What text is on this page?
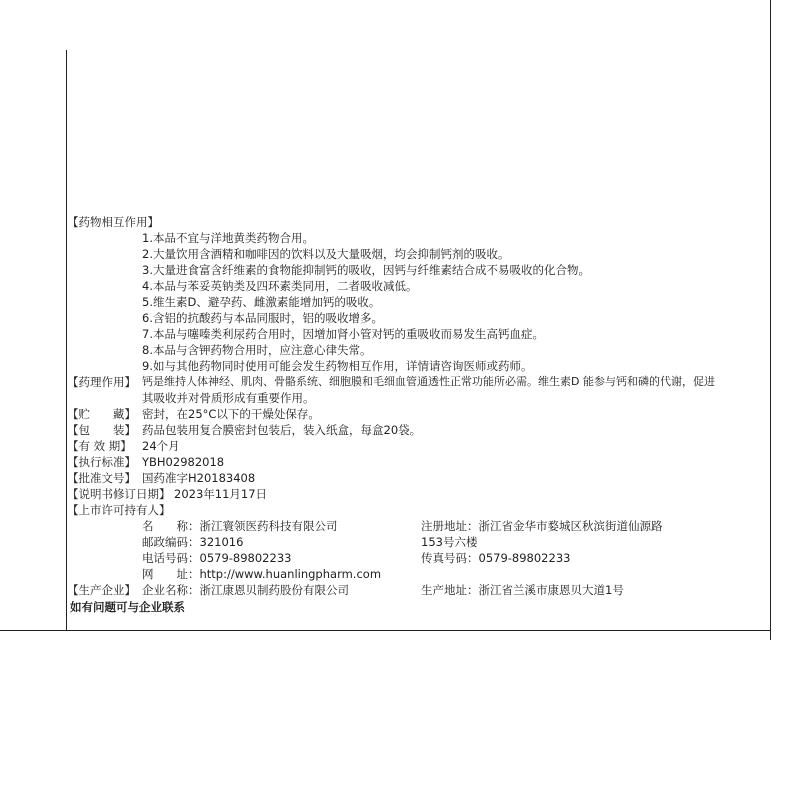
【药物相互作用】
1.本品不宜与洋地黄类药物合用。
2.大量饮用含酒精和咖啡因的饮料以及大量吸烟，均会抑制钙剂的吸收。
3.大量进食富含纤维素的食物能抑制钙的吸收，因钙与纤维素结合成不易吸收的化合物。
4.本品与苯妥英钠类及四环素类同用，二者吸收减低。
5.维生素D、避孕药、雌激素能增加钙的吸收。
6.含铝的抗酸药与本品同服时，铝的吸收增多。
7.本品与噻嗪类利尿药合用时，因增加肾小管对钙的重吸收而易发生高钙血症。
8.本品与含钾药物合用时，应注意心律失常。
9.如与其他药物同时使用可能会发生药物相互作用，详情请咨询医师或药师。
【药理作用】 钙是维持人体神经、肌肉、骨骼系统、细胞膜和毛细血管通透性正常功能所必需。维生素D 能参与钙和磷的代谢，促进
其吸收并对骨质形成有重要作用。
【贮　　藏】 密封，在25°C以下的干燥处保存。
【包　　装】 药品包装用复合膜密封包装后，装入纸盒，每盒20袋。
【有 效 期】 24个月
【执行标准】 YBH02982018
【批准文号】 国药准字H20183408
【说明书修订日期】 2023年11月17日
【上市许可持有人】
名　　称：浙江寰领医药科技有限公司
邮政编码：321016
电话号码：0579-89802233
网　　址：http://www.huanlingpharm.com
注册地址：浙江省金华市婺城区秋滨街道仙源路
153号六楼
传真号码：0579-89802233
【生产企业】 企业名称：浙江康恩贝制药股份有限公司	生产地址：浙江省兰溪市康恩贝大道1号
如有问题可与企业联系
